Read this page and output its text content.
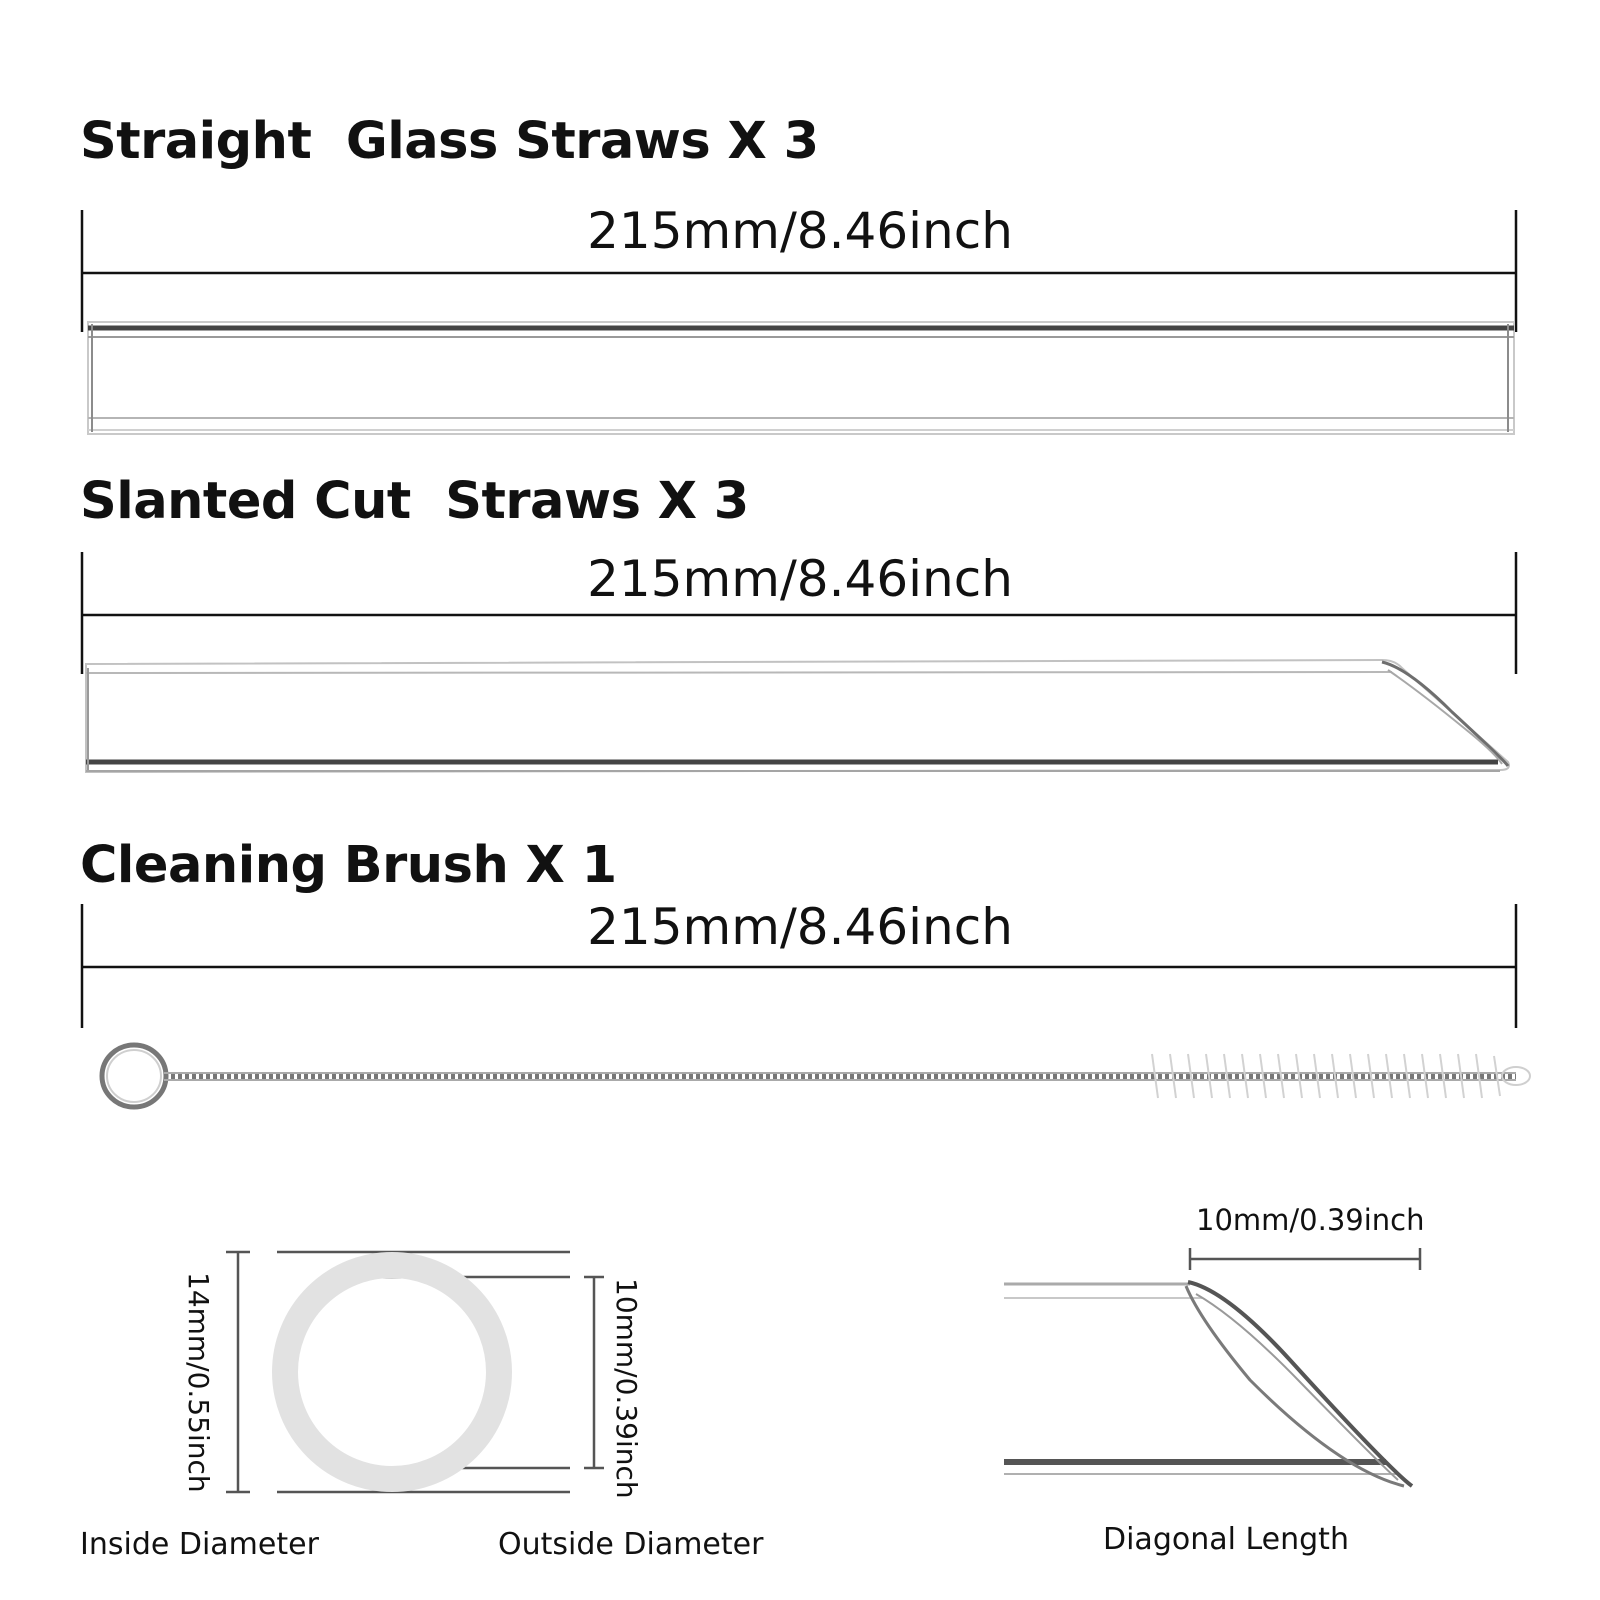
Straight  Glass Straws X 3
215mm/8.46inch
Slanted Cut  Straws X 3
215mm/8.46inch
Cleaning Brush X 1
215mm/8.46inch
14mm/0.55inch	10mm/0.39inch
10mm/0.39inch
Inside Diameter	Outside Diameter	Diagonal Length
